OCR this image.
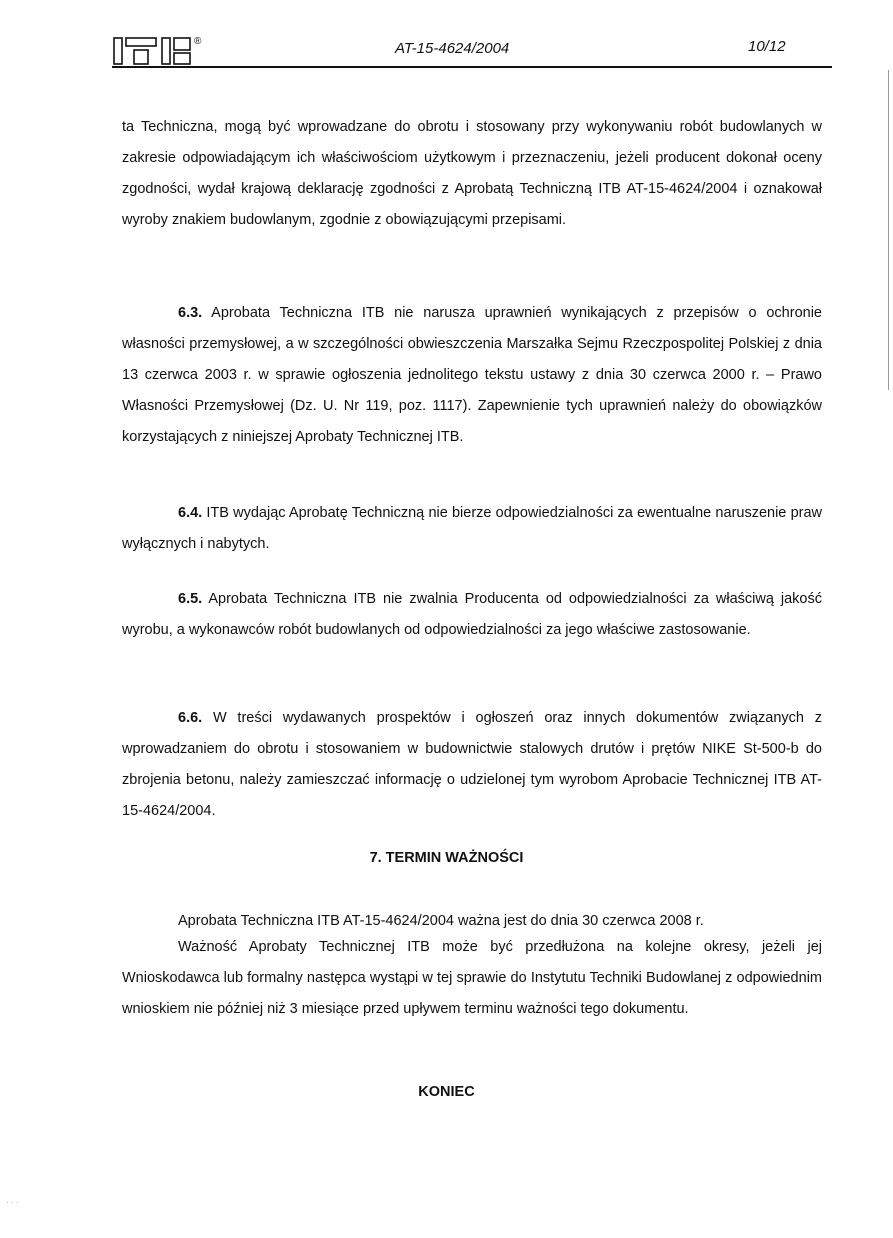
®	AT-15-4624/2004	10/12

ta Techniczna, mogą być wprowadzane do obrotu i stosowany przy wykonywaniu robót budowlanych w zakresie odpowiadającym ich właściwościom użytkowym i przeznaczeniu, jeżeli producent dokonał oceny zgodności, wydał krajową deklarację zgodności z Aprobatą Techniczną ITB AT-15-4624/2004 i oznakował wyroby znakiem budowlanym, zgodnie z obowiązującymi przepisami.

6.3. Aprobata Techniczna ITB nie narusza uprawnień wynikających z przepisów o ochronie własności przemysłowej, a w szczególności obwieszczenia Marszałka Sejmu Rzeczpospolitej Polskiej z dnia 13 czerwca 2003 r. w sprawie ogłoszenia jednolitego tekstu ustawy z dnia 30 czerwca 2000 r. – Prawo Własności Przemysłowej (Dz. U. Nr 119, poz. 1117). Zapewnienie tych uprawnień należy do obowiązków korzystających z niniejszej Aprobaty Technicznej ITB.

6.4. ITB wydając Aprobatę Techniczną nie bierze odpowiedzialności za ewentualne naruszenie praw wyłącznych i nabytych.

6.5. Aprobata Techniczna ITB nie zwalnia Producenta od odpowiedzialności za właściwą jakość wyrobu, a wykonawców robót budowlanych od odpowiedzialności za jego właściwe zastosowanie.

6.6. W treści wydawanych prospektów i ogłoszeń oraz innych dokumentów związanych z wprowadzaniem do obrotu i stosowaniem w budownictwie stalowych drutów i prętów NIKE St-500-b do zbrojenia betonu, należy zamieszczać informację o udzielonej tym wyrobom Aprobacie Technicznej ITB AT-15-4624/2004.

7. TERMIN WAŻNOŚCI

Aprobata Techniczna ITB AT-15-4624/2004 ważna jest do dnia 30 czerwca 2008 r.

Ważność Aprobaty Technicznej ITB może być przedłużona na kolejne okresy, jeżeli jej Wnioskodawca lub formalny następca wystąpi w tej sprawie do Instytutu Techniki Budowlanej z odpowiednim wnioskiem nie później niż 3 miesiące przed upływem terminu ważności tego dokumentu.

KONIEC

· · ·
